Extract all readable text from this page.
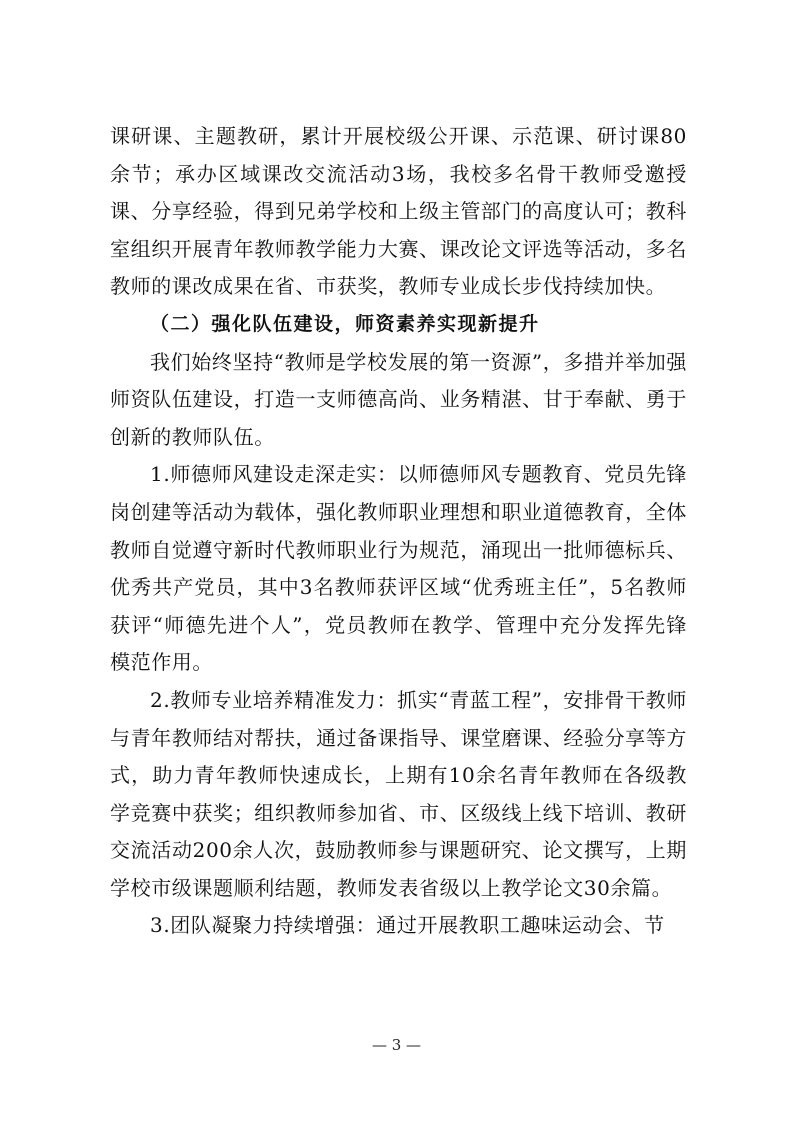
课研课、主题教研，累计开展校级公开课、示范课、研讨课80余节；承办区域课改交流活动3场，我校多名骨干教师受邀授课、分享经验，得到兄弟学校和上级主管部门的高度认可；教科室组织开展青年教师教学能力大赛、课改论文评选等活动，多名教师的课改成果在省、市获奖，教师专业成长步伐持续加快。

（二）强化队伍建设，师资素养实现新提升

我们始终坚持“教师是学校发展的第一资源”，多措并举加强师资队伍建设，打造一支师德高尚、业务精湛、甘于奉献、勇于创新的教师队伍。

1.师德师风建设走深走实：以师德师风专题教育、党员先锋岗创建等活动为载体，强化教师职业理想和职业道德教育，全体教师自觉遵守新时代教师职业行为规范，涌现出一批师德标兵、优秀共产党员，其中3名教师获评区域“优秀班主任”，5名教师获评“师德先进个人”，党员教师在教学、管理中充分发挥先锋模范作用。

2.教师专业培养精准发力：抓实“青蓝工程”，安排骨干教师与青年教师结对帮扶，通过备课指导、课堂磨课、经验分享等方式，助力青年教师快速成长，上期有10余名青年教师在各级教学竞赛中获奖；组织教师参加省、市、区级线上线下培训、教研交流活动200余人次，鼓励教师参与课题研究、论文撰写，上期学校市级课题顺利结题，教师发表省级以上教学论文30余篇。

3.团队凝聚力持续增强：通过开展教职工趣味运动会、节

— 3 —
